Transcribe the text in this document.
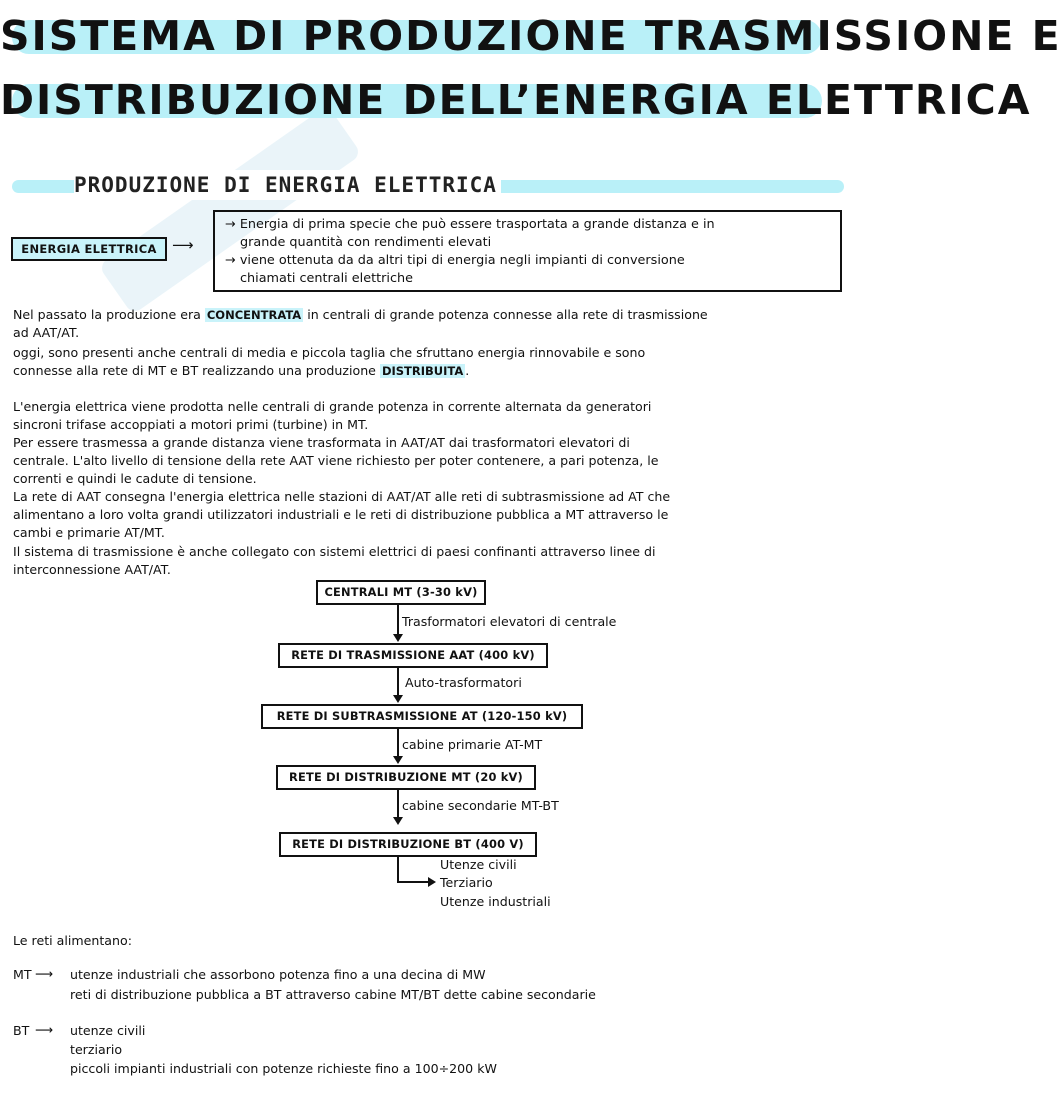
SISTEMA DI PRODUZIONE TRASMISSIONE E
DISTRIBUZIONE DELL’ENERGIA ELETTRICA
PRODUZIONE DI ENERGIA ELETTRICA
ENERGIA ELETTRICA	⟶
→ Energia di prima specie che può essere trasportata a grande distanza e in
grande quantità con rendimenti elevati
→ viene ottenuta da da altri tipi di energia negli impianti di conversione
chiamati centrali elettriche
Nel passato la produzione era CONCENTRATA in centrali di grande potenza connesse alla rete di trasmissione
ad AAT/AT.
oggi, sono presenti anche centrali di media e piccola taglia che sfruttano energia rinnovabile e sono
connesse alla rete di MT e BT realizzando una produzione DISTRIBUITA .
L'energia elettrica viene prodotta nelle centrali di grande potenza in corrente alternata da generatori
sincroni trifase accoppiati a motori primi (turbine) in MT.
Per essere trasmessa a grande distanza viene trasformata in AAT/AT dai trasformatori elevatori di
centrale. L'alto livello di tensione della rete AAT viene richiesto per poter contenere, a pari potenza, le
correnti e quindi le cadute di tensione.
La rete di AAT consegna l'energia elettrica nelle stazioni di AAT/AT alle reti di subtrasmissione ad AT che
alimentano a loro volta grandi utilizzatori industriali e le reti di distribuzione pubblica a MT attraverso le
cambi e primarie AT/MT.
Il sistema di trasmissione è anche collegato con sistemi elettrici di paesi confinanti attraverso linee di
interconnessione AAT/AT.
CENTRALI MT (3-30 kV)
Trasformatori elevatori di centrale
RETE DI TRASMISSIONE AAT (400 kV)
Auto-trasformatori
RETE DI SUBTRASMISSIONE AT (120-150 kV)
cabine primarie AT-MT
RETE DI DISTRIBUZIONE MT (20 kV)
cabine secondarie MT-BT
RETE DI DISTRIBUZIONE BT (400 V)
Utenze civili
Terziario
Utenze industriali
Le reti alimentano:
MT ⟶ utenze industriali che assorbono potenza fino a una decina di MW
reti di distribuzione pubblica a BT attraverso cabine MT/BT dette cabine secondarie
BT ⟶ utenze civili
terziario
piccoli impianti industriali con potenze richieste fino a 100÷200 kW
